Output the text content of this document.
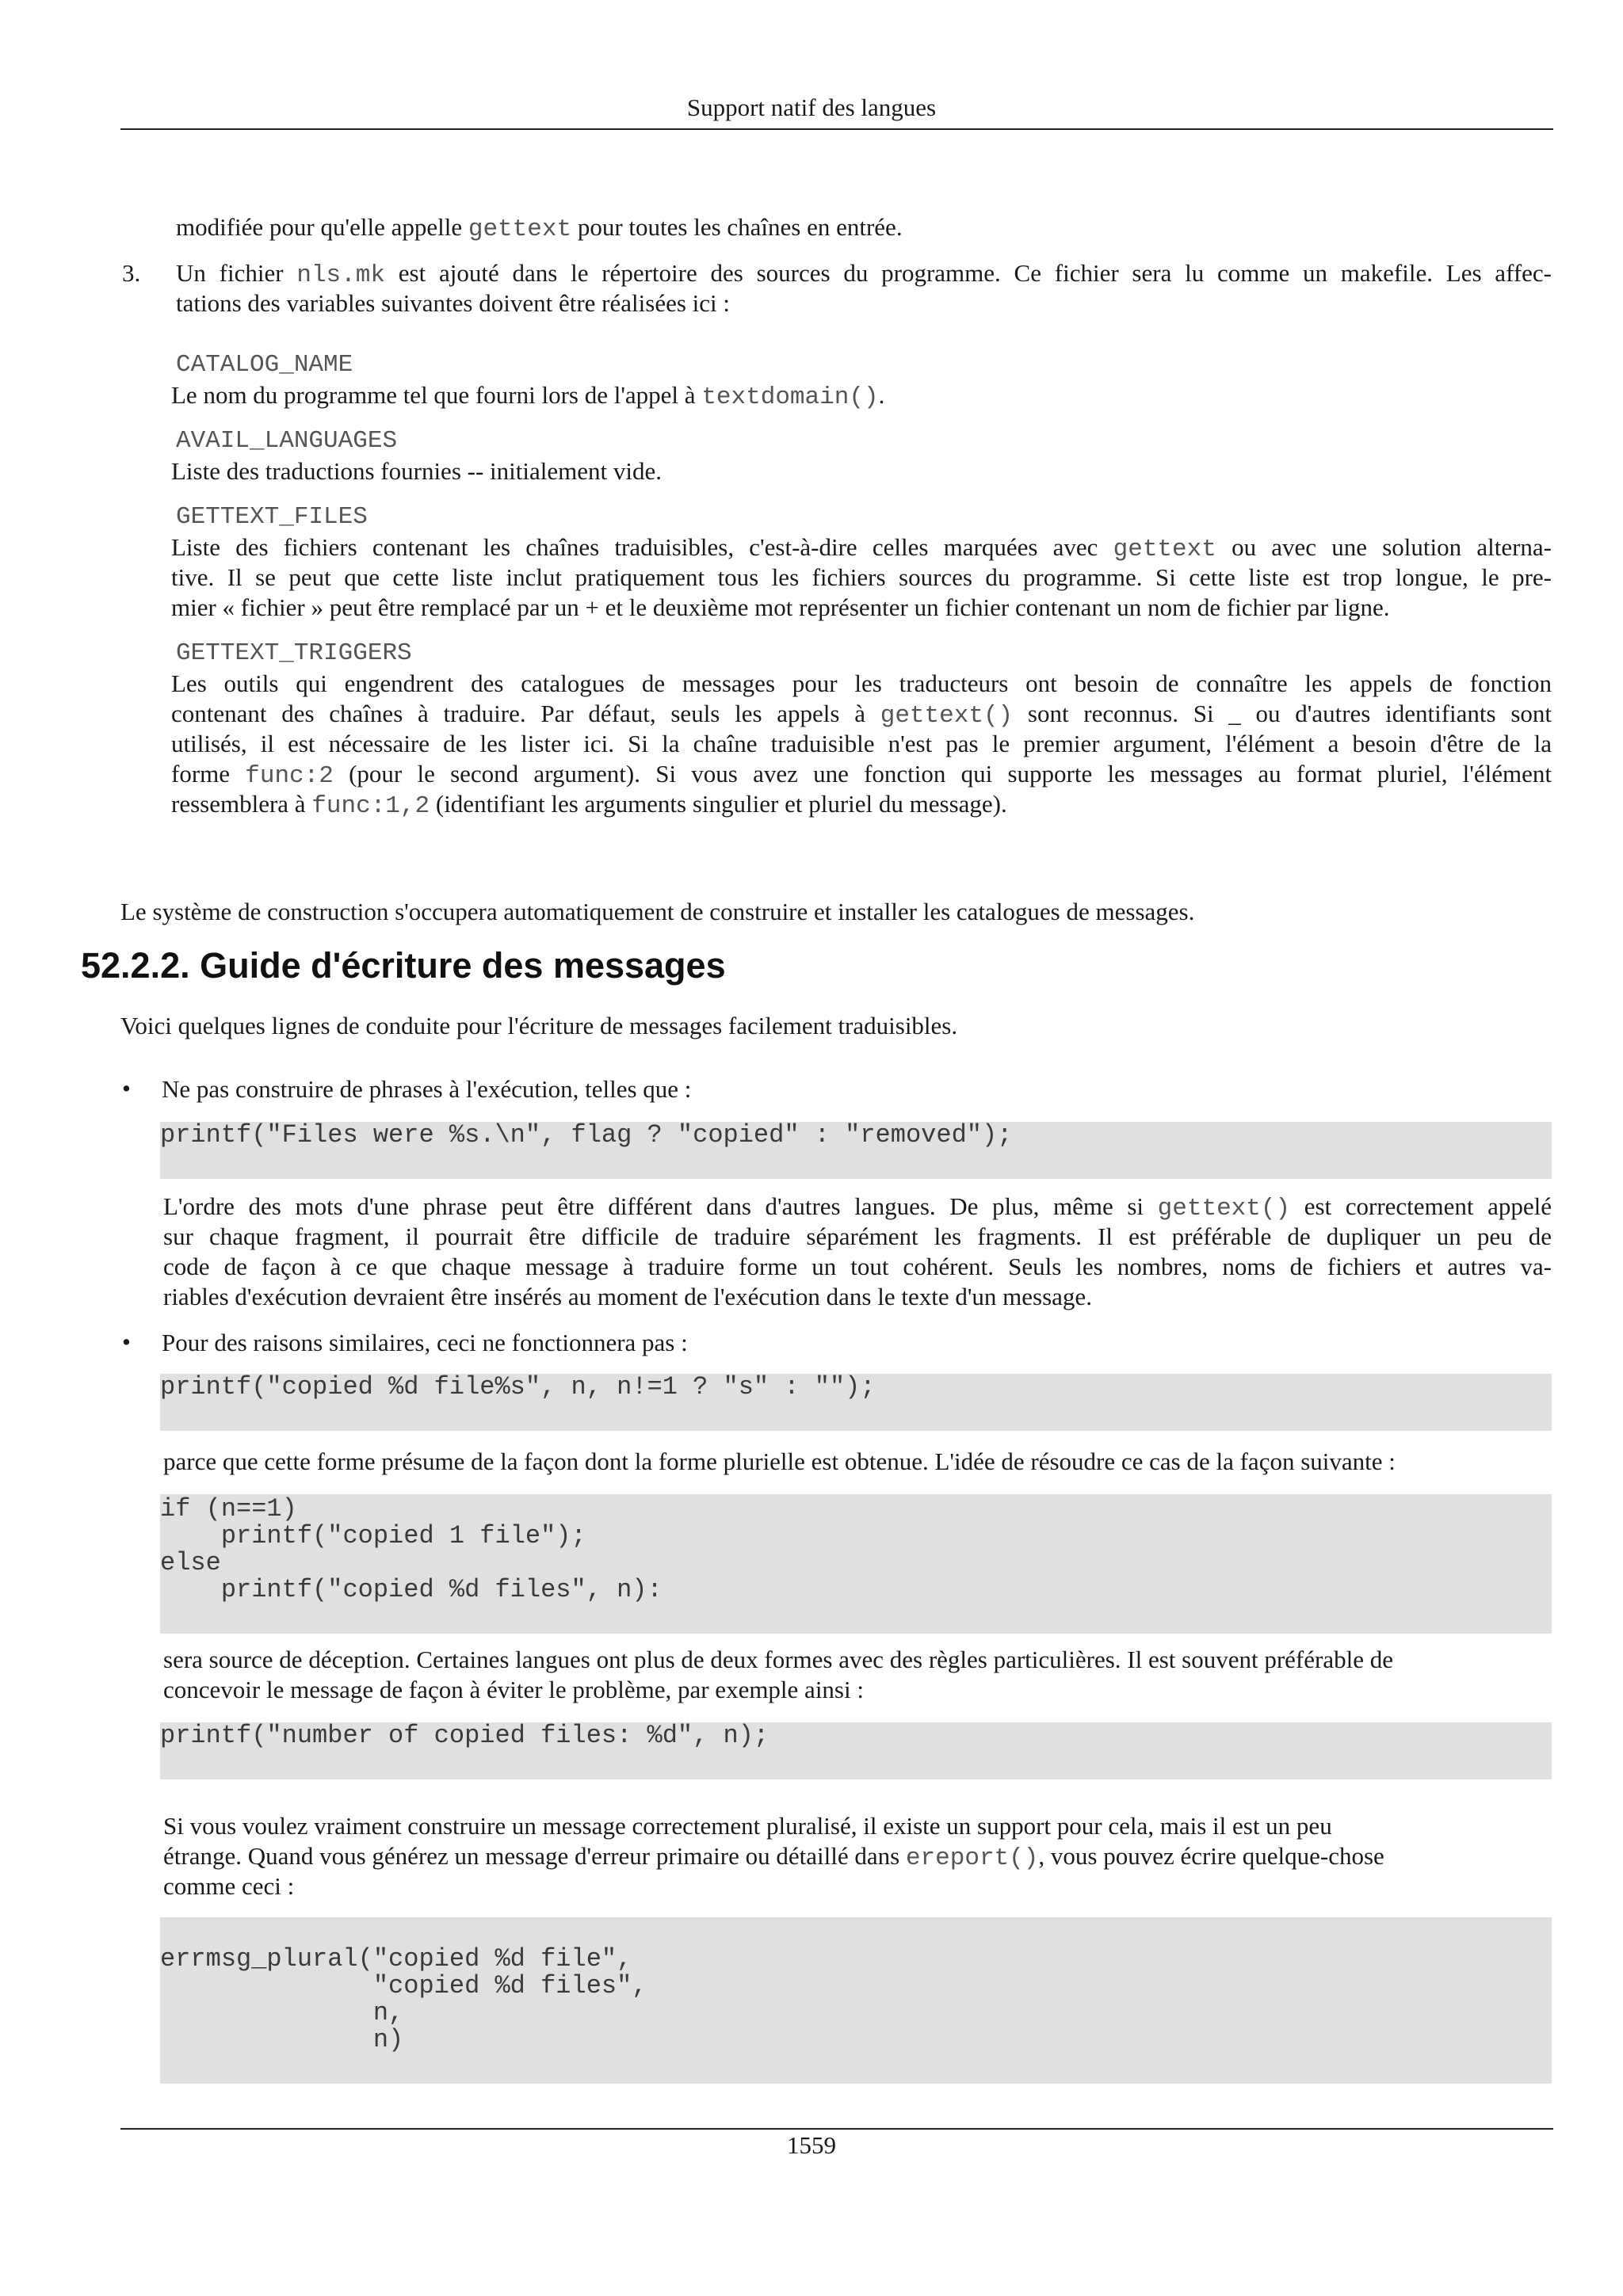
Support natif des langues
modifiée pour qu'elle appelle gettext pour toutes les chaînes en entrée.
3. Un fichier nls.mk est ajouté dans le répertoire des sources du programme. Ce fichier sera lu comme un makefile. Les affec-
tations des variables suivantes doivent être réalisées ici :
CATALOG_NAME
Le nom du programme tel que fourni lors de l'appel à textdomain().
AVAIL_LANGUAGES
Liste des traductions fournies -- initialement vide.
GETTEXT_FILES
Liste des fichiers contenant les chaînes traduisibles, c'est-à-dire celles marquées avec gettext ou avec une solution alterna-
tive. Il se peut que cette liste inclut pratiquement tous les fichiers sources du programme. Si cette liste est trop longue, le pre-
mier « fichier » peut être remplacé par un + et le deuxième mot représenter un fichier contenant un nom de fichier par ligne.
GETTEXT_TRIGGERS
Les outils qui engendrent des catalogues de messages pour les traducteurs ont besoin de connaître les appels de fonction
contenant des chaînes à traduire. Par défaut, seuls les appels à gettext() sont reconnus. Si _ ou d'autres identifiants sont
utilisés, il est nécessaire de les lister ici. Si la chaîne traduisible n'est pas le premier argument, l'élément a besoin d'être de la
forme func:2 (pour le second argument). Si vous avez une fonction qui supporte les messages au format pluriel, l'élément
ressemblera à func:1,2 (identifiant les arguments singulier et pluriel du message).
Le système de construction s'occupera automatiquement de construire et installer les catalogues de messages.
52.2.2. Guide d'écriture des messages
Voici quelques lignes de conduite pour l'écriture de messages facilement traduisibles.
• Ne pas construire de phrases à l'exécution, telles que :
printf("Files were %s.\n", flag ? "copied" : "removed");
L'ordre des mots d'une phrase peut être différent dans d'autres langues. De plus, même si gettext() est correctement appelé
sur chaque fragment, il pourrait être difficile de traduire séparément les fragments. Il est préférable de dupliquer un peu de
code de façon à ce que chaque message à traduire forme un tout cohérent. Seuls les nombres, noms de fichiers et autres va-
riables d'exécution devraient être insérés au moment de l'exécution dans le texte d'un message.
• Pour des raisons similaires, ceci ne fonctionnera pas :
printf("copied %d file%s", n, n!=1 ? "s" : "");
parce que cette forme présume de la façon dont la forme plurielle est obtenue. L'idée de résoudre ce cas de la façon suivante :
if (n==1)
printf("copied 1 file");
else
printf("copied %d files", n):
sera source de déception. Certaines langues ont plus de deux formes avec des règles particulières. Il est souvent préférable de
concevoir le message de façon à éviter le problème, par exemple ainsi :
printf("number of copied files: %d", n);
Si vous voulez vraiment construire un message correctement pluralisé, il existe un support pour cela, mais il est un peu
étrange. Quand vous générez un message d'erreur primaire ou détaillé dans ereport(), vous pouvez écrire quelque-chose
comme ceci :
errmsg_plural("copied %d file",
"copied %d files",
n,
n)
1559
